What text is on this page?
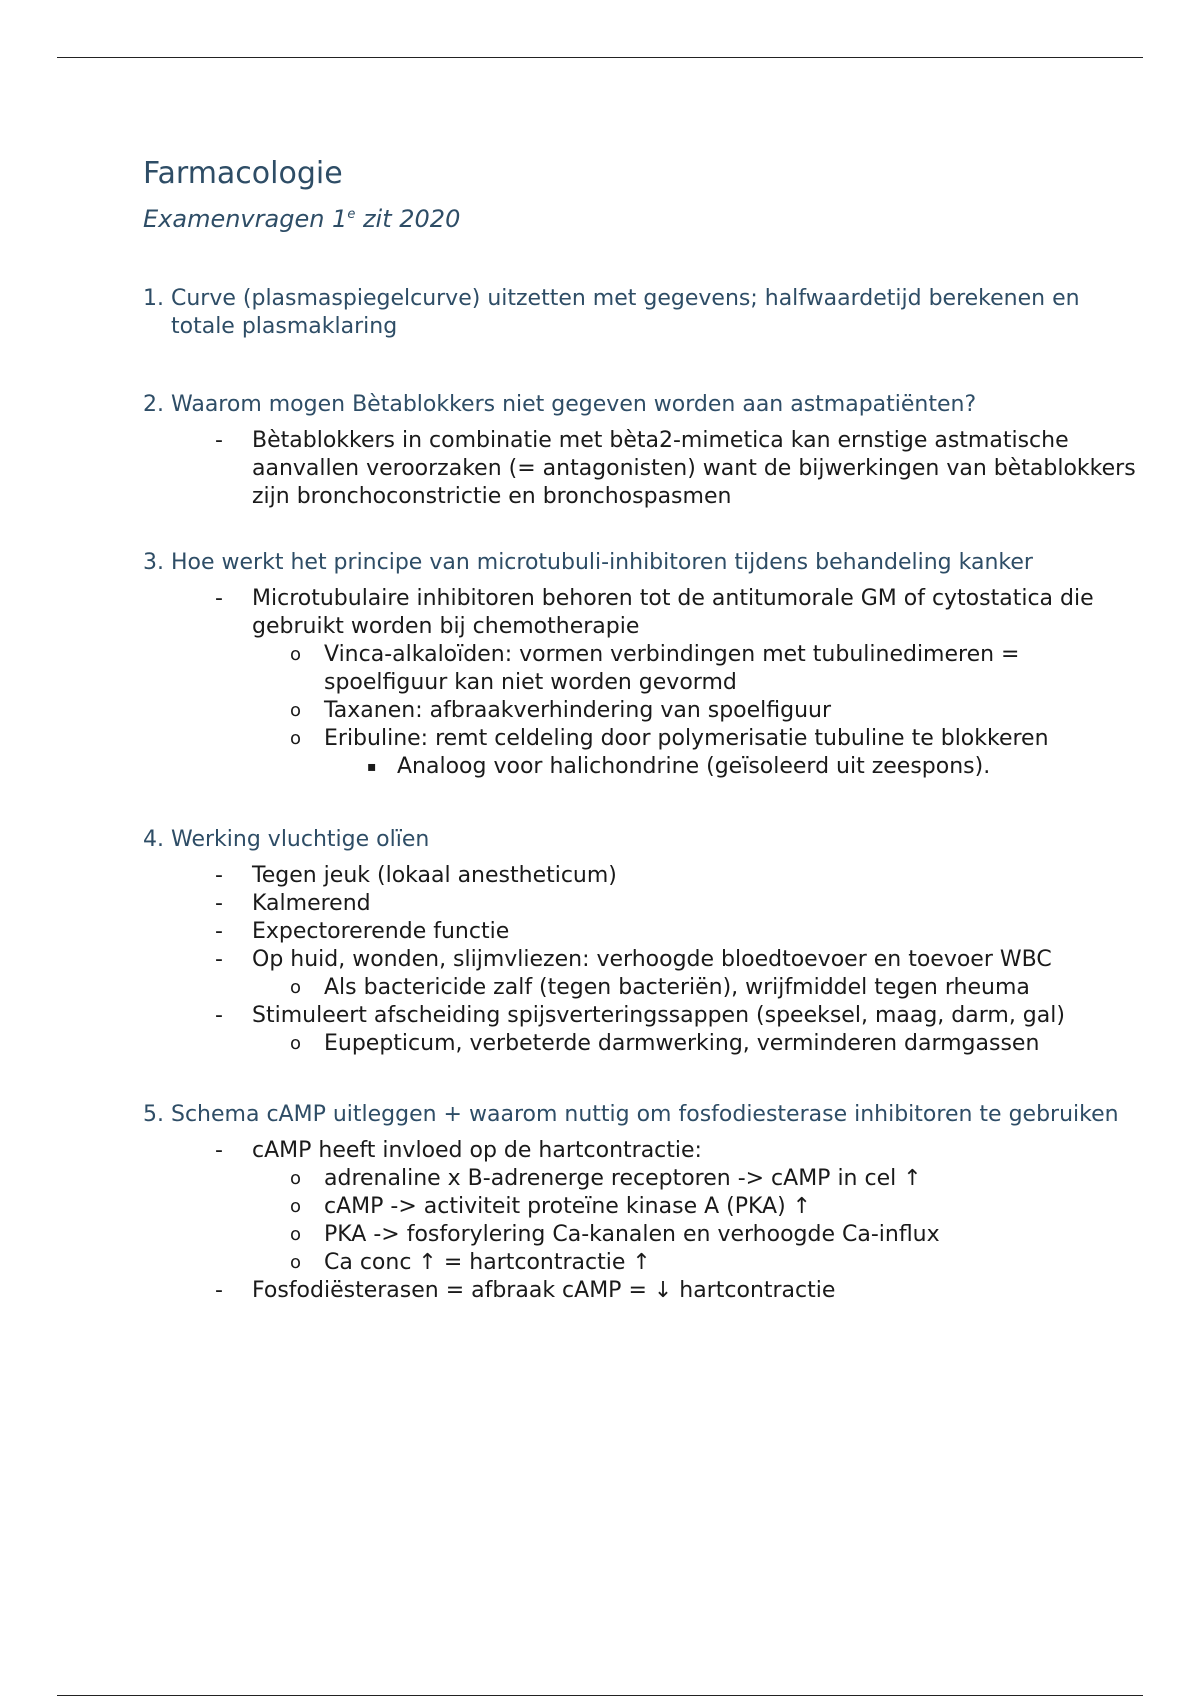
Farmacologie
Examenvragen 1e zit 2020
1. Curve (plasmaspiegelcurve) uitzetten met gegevens; halfwaardetijd berekenen en totale plasmaklaring
2. Waarom mogen Bètablokkers niet gegeven worden aan astmapatiënten?
- Bètablokkers in combinatie met bèta2-mimetica kan ernstige astmatische aanvallen veroorzaken (= antagonisten) want de bijwerkingen van bètablokkers zijn bronchoconstrictie en bronchospasmen
3. Hoe werkt het principe van microtubuli-inhibitoren tijdens behandeling kanker
- Microtubulaire inhibitoren behoren tot de antitumorale GM of cytostatica die gebruikt worden bij chemotherapie
o Vinca-alkaloïden: vormen verbindingen met tubulinedimeren = spoelfiguur kan niet worden gevormd
o Taxanen: afbraakverhindering van spoelfiguur
o Eribuline: remt celdeling door polymerisatie tubuline te blokkeren
▪ Analoog voor halichondrine (geïsoleerd uit zeespons).
4. Werking vluchtige olïen
- Tegen jeuk (lokaal anestheticum)
- Kalmerend
- Expectorerende functie
- Op huid, wonden, slijmvliezen: verhoogde bloedtoevoer en toevoer WBC
o Als bactericide zalf (tegen bacteriën), wrijfmiddel tegen rheuma
- Stimuleert afscheiding spijsverteringssappen (speeksel, maag, darm, gal)
o Eupepticum, verbeterde darmwerking, verminderen darmgassen
5. Schema cAMP uitleggen + waarom nuttig om fosfodiesterase inhibitoren te gebruiken
- cAMP heeft invloed op de hartcontractie:
o adrenaline x B-adrenerge receptoren -> cAMP in cel ↑
o cAMP -> activiteit proteïne kinase A (PKA) ↑
o PKA -> fosforylering Ca-kanalen en verhoogde Ca-influx
o Ca conc ↑ = hartcontractie ↑
- Fosfodiësterasen = afbraak cAMP = ↓ hartcontractie
